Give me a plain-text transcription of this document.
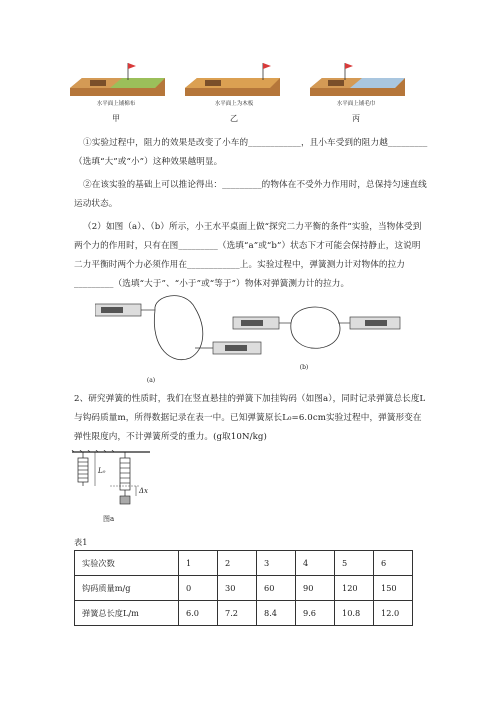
水平面上铺棉布	水平面上为木板	水平面上铺毛巾
甲	乙	丙
①实验过程中，阻力的效果是改变了小车的____________，且小车受到的阻力越_________（选填“大”或“小”）这种效果越明显。
②在该实验的基础上可以推论得出：_________的物体在不受外力作用时，总保持匀速直线运动状态。
（2）如图（a）、（b）所示，小王水平桌面上做“探究二力平衡的条件”实验，当物体受到两个力的作用时，只有在图_________（选填“a”或“b”）状态下才可能会保持静止，这说明二力平衡时两个力必须作用在____________上。实验过程中，弹簧测力计对物体的拉力_________（选填“大于”、“小于”或“等于”）物体对弹簧测力计的拉力。
(a)
(b)
2、研究弹簧的性质时，我们在竖直悬挂的弹簧下加挂钩码（如图a），同时记录弹簧总长度L与钩码质量m，所得数据记录在表一中。已知弹簧原长L₀=6.0cm实验过程中，弹簧形变在弹性限度内，不计弹簧所受的重力。(g取10N/kg)
L₀
Δx
图a
表1
实验次数	1	2	3	4	5	6
钩码质量m/g	0	30	60	90	120	150
弹簧总长度L/m	6.0	7.2	8.4	9.6	10.8	12.0
